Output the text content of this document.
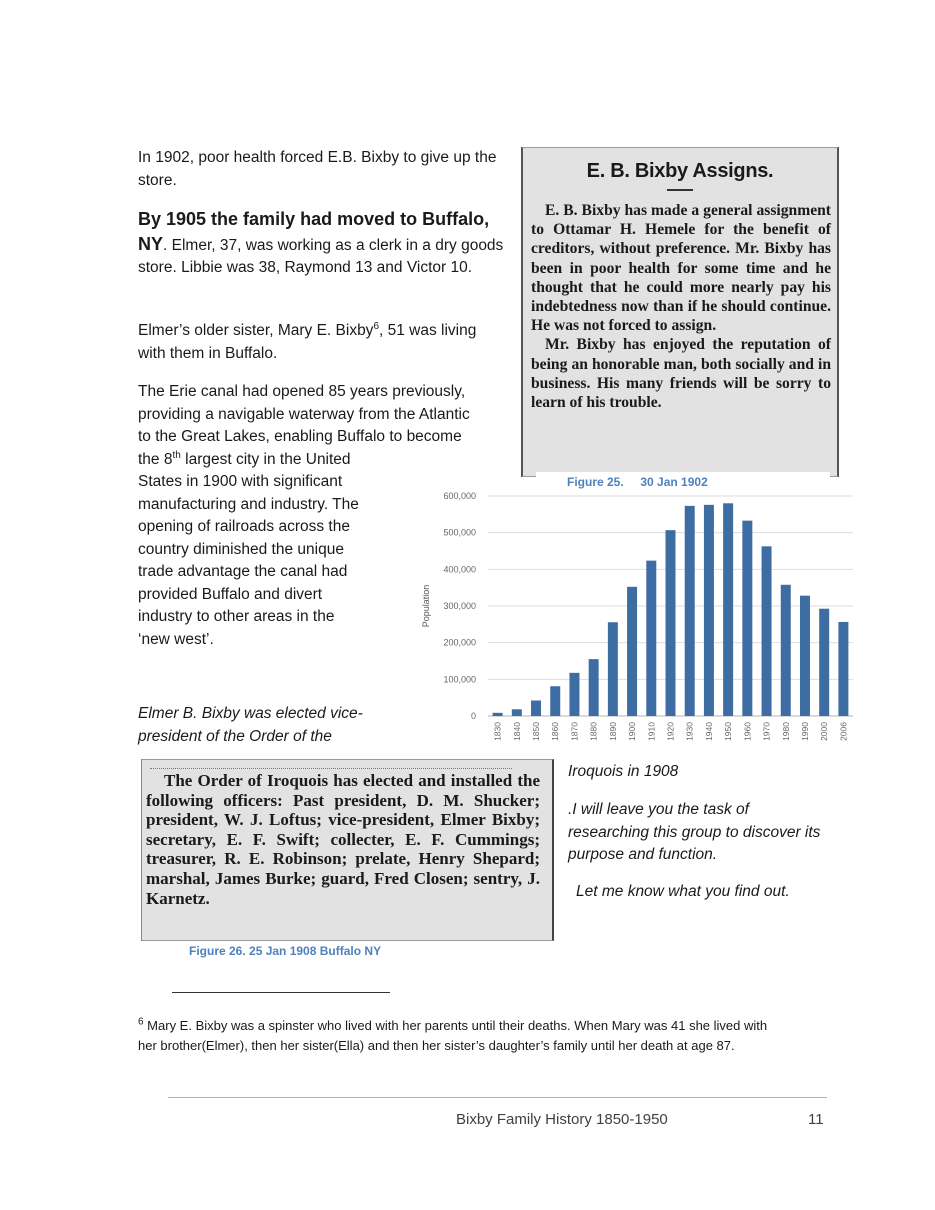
In 1902, poor health forced E.B. Bixby to give up the store.
By 1905 the family had moved to Buffalo,
NY. Elmer, 37, was working as a clerk in a dry goods store. Libbie was 38, Raymond 13 and Victor 10.
Elmer’s older sister, Mary E. Bixby$^6$, 51 was living with them in Buffalo.
The Erie canal had opened 85 years previously,
providing a navigable waterway from the Atlantic
to the Great Lakes, enabling Buffalo to become
the 8th largest city in the United
States in 1900 with significant
manufacturing and industry. The
opening of railroads across the
country diminished the unique
trade advantage the canal had
provided Buffalo and divert
industry to other areas in the
‘new west’.
Elmer B. Bixby was elected vice-
president of the Order of the
E. B. Bixby Assigns.

E. B. Bixby has made a general assignment to Ottamar H. Hemele for the benefit of creditors, without preference. Mr. Bixby has been in poor health for some time and he thought that he could more nearly pay his indebtedness now than if he should continue. He was not forced to assign.

Mr. Bixby has enjoyed the reputation of being an honorable man, both socially and in business. His many friends will be sorry to learn of his trouble.

Figure 25.     30 Jan 1902
0
100,000
200,000
300,000
400,000
500,000
600,000
1830 1840 1850 1860 1870 1880 1890 1900 1910 1920 1930 1940 1950 1960 1970 1980 1990 2000 2006
Population

The Order of Iroquois has elected and installed the following officers: Past president, D. M. Shucker; president, W. J. Loftus; vice-president, Elmer Bixby; secretary, E. F. Swift; collecter, E. F. Cummings; treasurer, R. E. Robinson; prelate, Henry Shepard; marshal, James Burke; guard, Fred Closen; sentry, J. Karnetz.

Figure 26. 25 Jan 1908 Buffalo NY
Iroquois in 1908
.I will leave you the task of researching this group to discover its purpose and function.
Let me know what you find out.
$^6$ Mary E. Bixby was a spinster who lived with her parents until their deaths. When Mary was 41 she lived with
her brother(Elmer), then her sister(Ella) and then her sister’s daughter’s family until her death at age 87.
Bixby Family History 1850-1950	11
